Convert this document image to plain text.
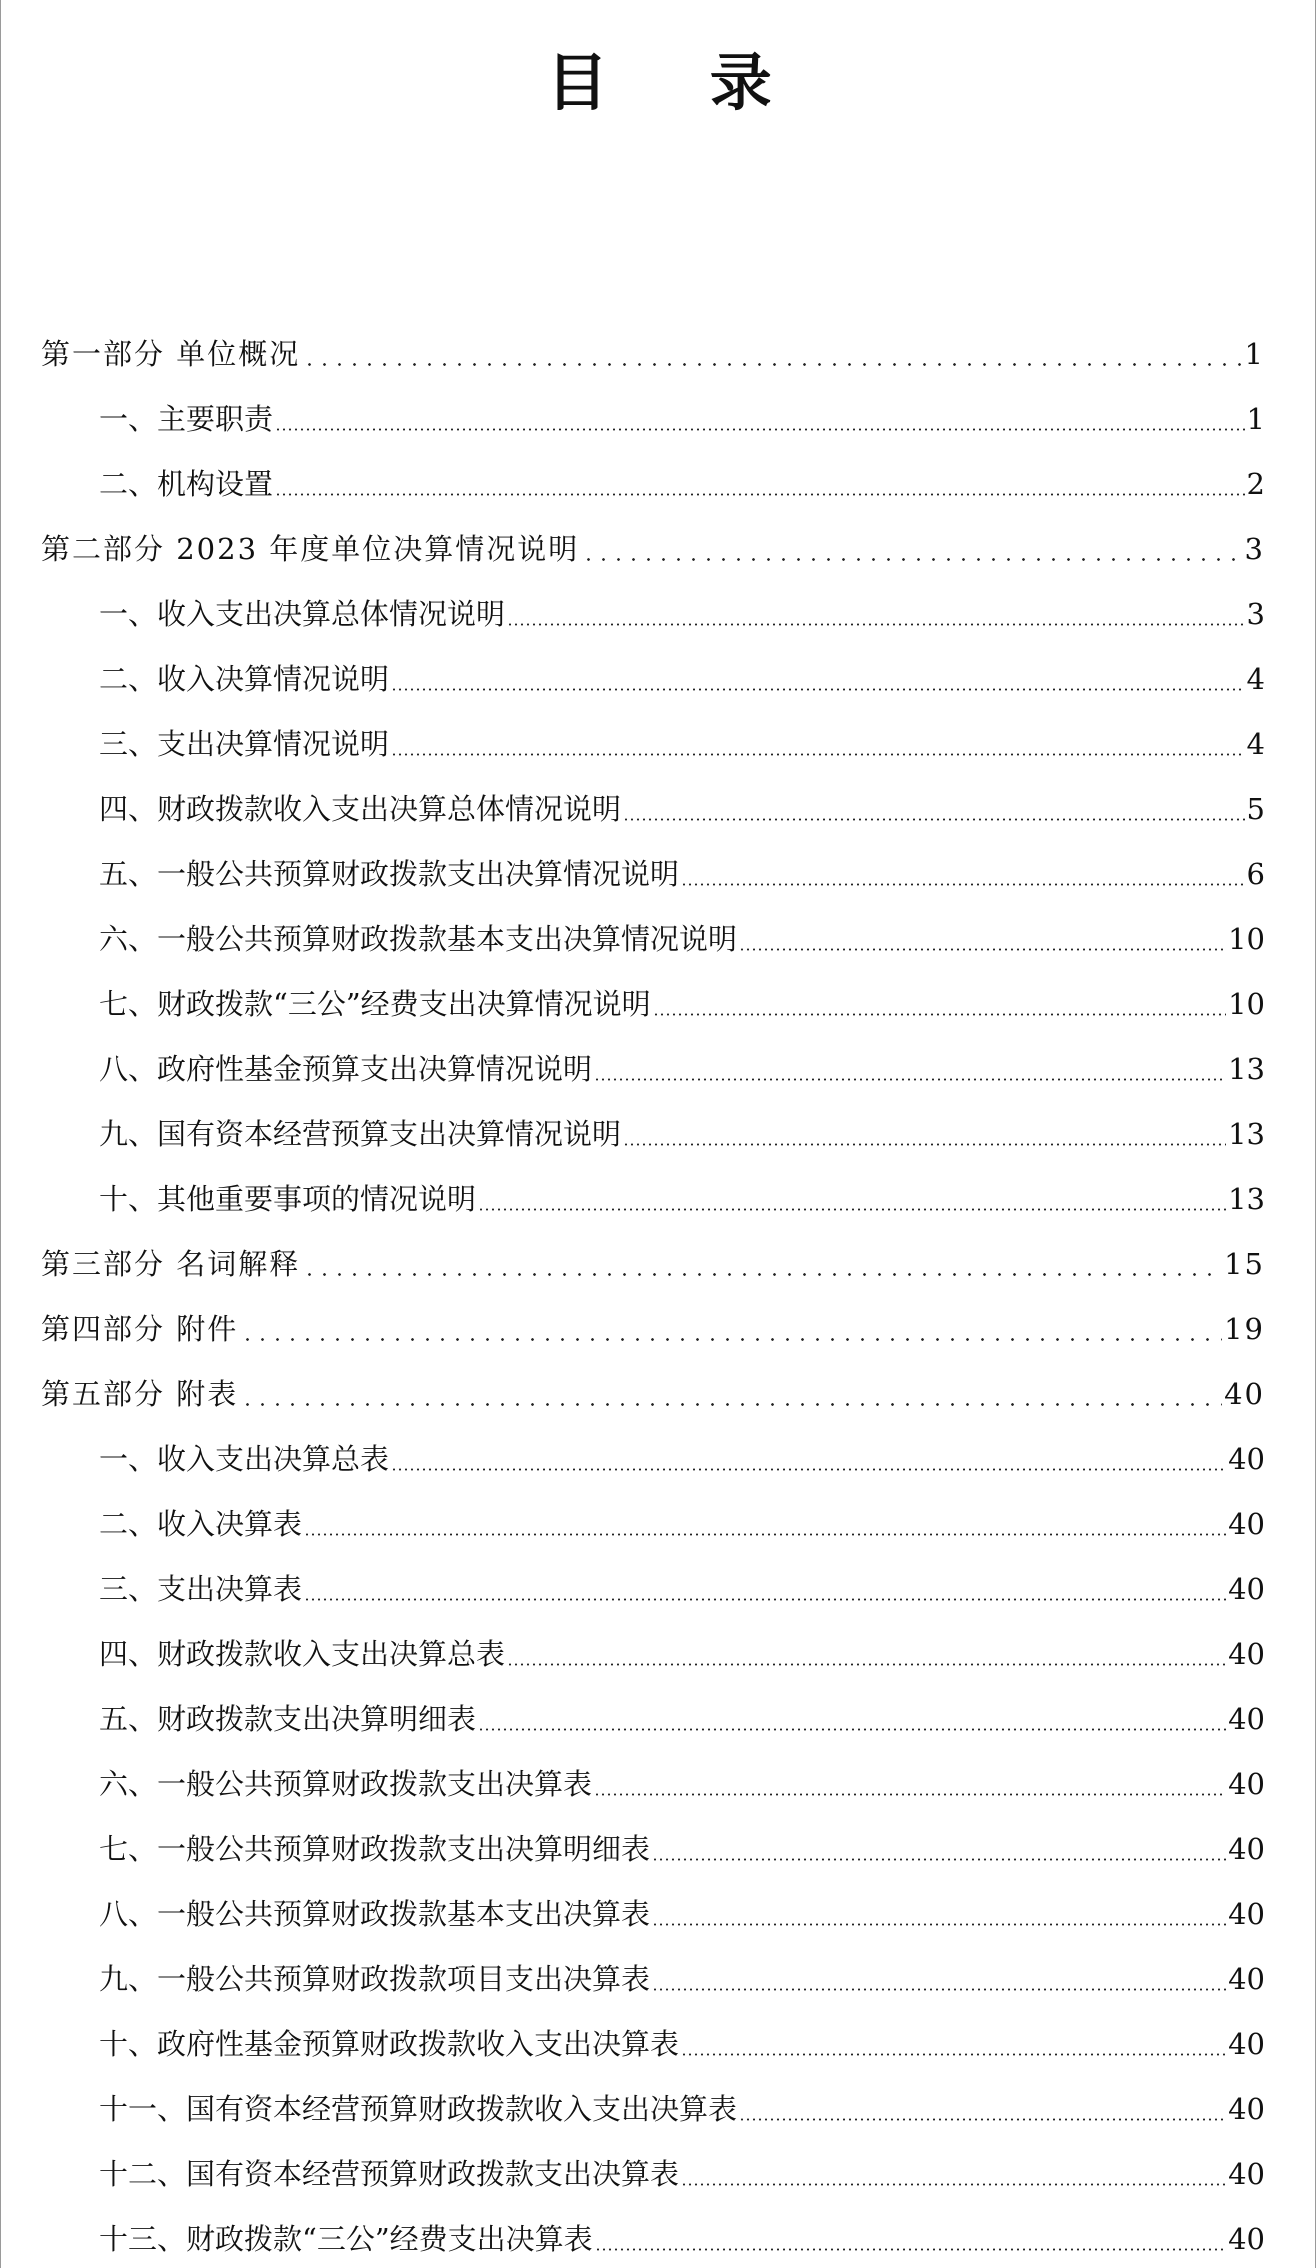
目 录
第一部分 单位概况	1
一、主要职责	1
二、机构设置	2
第二部分 2023 年度单位决算情况说明	3
一、收入支出决算总体情况说明	3
二、收入决算情况说明	4
三、支出决算情况说明	4
四、财政拨款收入支出决算总体情况说明	5
五、一般公共预算财政拨款支出决算情况说明	6
六、一般公共预算财政拨款基本支出决算情况说明	10
七、财政拨款“三公”经费支出决算情况说明	10
八、政府性基金预算支出决算情况说明	13
九、国有资本经营预算支出决算情况说明	13
十、其他重要事项的情况说明	13
第三部分 名词解释	15
第四部分 附件	19
第五部分 附表	40
一、收入支出决算总表	40
二、收入决算表	40
三、支出决算表	40
四、财政拨款收入支出决算总表	40
五、财政拨款支出决算明细表	40
六、一般公共预算财政拨款支出决算表	40
七、一般公共预算财政拨款支出决算明细表	40
八、一般公共预算财政拨款基本支出决算表	40
九、一般公共预算财政拨款项目支出决算表	40
十、政府性基金预算财政拨款收入支出决算表	40
十一、国有资本经营预算财政拨款收入支出决算表	40
十二、国有资本经营预算财政拨款支出决算表	40
十三、财政拨款“三公”经费支出决算表	40
